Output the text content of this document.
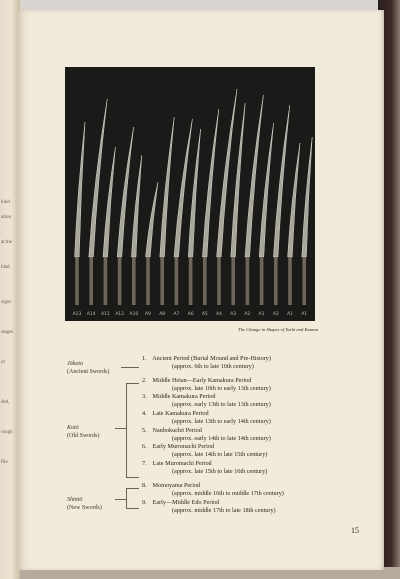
kind
ation
at the
blad
signs
stages
or
ded,
rough
file
A13 A14 A11 A12 A10 A9 A8 A7 A6 A5 A4 A3 A2 A1 A2 A1 A1
The Change in Shapes of Tachi and Katana
Jōkoto
(Ancient Swords)
Kotō
(Old Swords)
Shintō
(New Swords)
1. Ancient Period (Burial Mound and Pre-History)
(approx. 6th to late 10th century)
2. Middle Heian—Early Kamakura Period
(approx. late 10th to early 13th century)
3. Middle Kamakura Period
(approx. early 13th to late 13th century)
4. Late Kamakura Period
(approx. late 13th to early 14th century)
5. Nanbokuchō Period
(approx. early 14th to late 14th century)
6. Early Muromachi Period
(approx. late 14th to late 15th century)
7. Late Muromachi Period
(approx. late 15th to late 16th century)
8. Momoyama Period
(approx. middle 16th to middle 17th century)
9. Early—Middle Edo Period
(approx. middle 17th to late 18th century)
15
